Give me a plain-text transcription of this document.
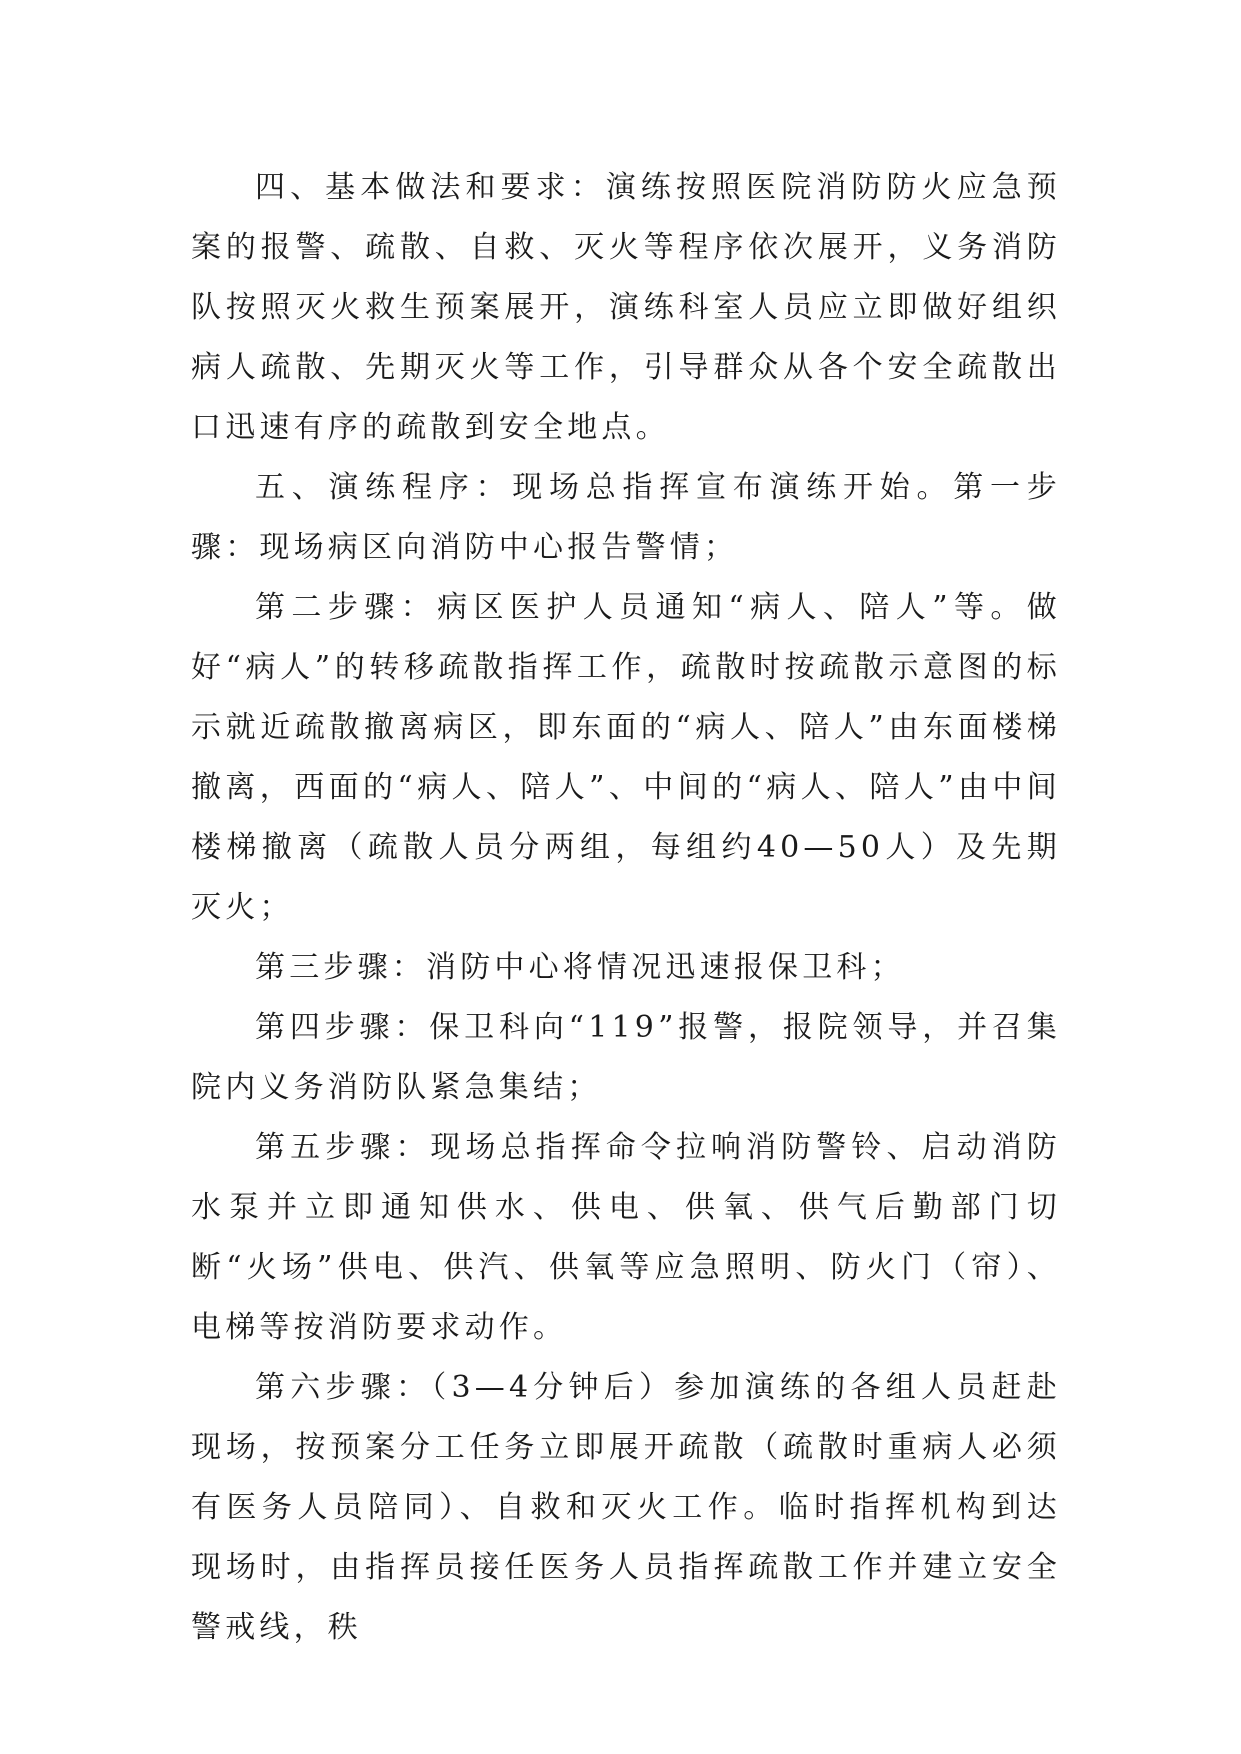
四、基本做法和要求：演练按照医院消防防火应急预案的报警、疏散、自救、灭火等程序依次展开，义务消防队按照灭火救生预案展开，演练科室人员应立即做好组织病人疏散、先期灭火等工作，引导群众从各个安全疏散出口迅速有序的疏散到安全地点。

五、演练程序：现场总指挥宣布演练开始。第一步骤：现场病区向消防中心报告警情；

第二步骤：病区医护人员通知“病人、陪人”等。做好“病人”的转移疏散指挥工作，疏散时按疏散示意图的标示就近疏散撤离病区，即东面的“病人、陪人”由东面楼梯撤离，西面的“病人、陪人”、中间的“病人、陪人”由中间楼梯撤离（疏散人员分两组，每组约40—50人）及先期灭火；

第三步骤：消防中心将情况迅速报保卫科；

第四步骤：保卫科向“119”报警，报院领导，并召集院内义务消防队紧急集结；

第五步骤：现场总指挥命令拉响消防警铃、启动消防水泵并立即通知供水、供电、供氧、供气后勤部门切断“火场”供电、供汽、供氧等应急照明、防火门（帘）、电梯等按消防要求动作。

第六步骤：（3—4分钟后）参加演练的各组人员赶赴现场，按预案分工任务立即展开疏散（疏散时重病人必须有医务人员陪同）、自救和灭火工作。临时指挥机构到达现场时，由指挥员接任医务人员指挥疏散工作并建立安全警戒线，秩
